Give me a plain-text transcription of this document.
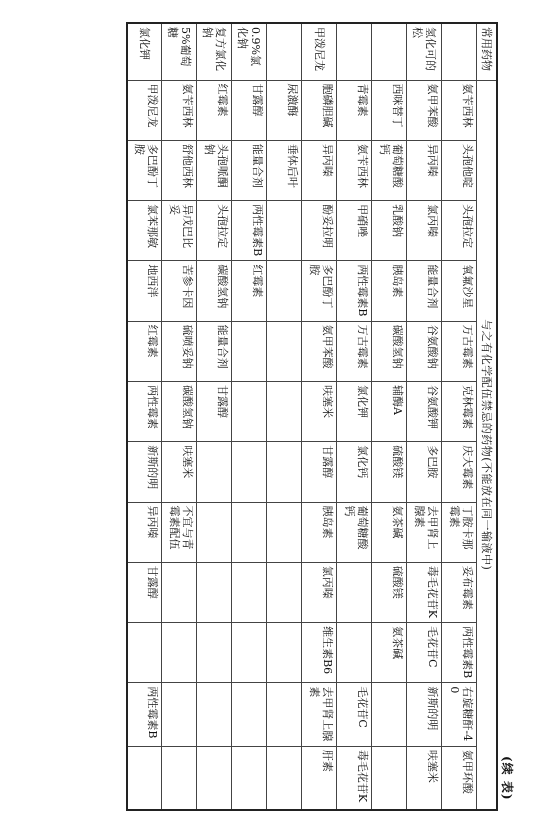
(续 表)
常用药物	与之有化学配伍禁忌的药物(不能放在同一输液中)											
	氨苄西林	头孢他啶	头孢拉定	氧氟沙星	万古霉素	克林霉素	庆大霉素	丁胺卡那霉素	妥布霉素	两性霉素B	右旋糖酐-40	氨甲环酸
氢化可的松	氨甲苯酸	异丙嗪	氯丙嗪	能量合剂	谷氨酸钠	谷氨酸钾	多巴胺	去甲肾上腺素	毒毛花苷K	毛花苷C	新斯的明	呋塞米
	西咪替丁	葡萄糖酸钙	乳酸钠	胰岛素	碳酸氢钠	辅酶A	硫酸镁	氨茶碱	硫酸镁	氨茶碱		
	青霉素	氨苄西林	甲硝唑	两性霉素B	万古霉素	氯化钾	氯化钙	葡萄糖酸钙			毛花苷C	毒毛花苷K
甲泼尼龙	胞磷胆碱	异丙嗪	酚妥拉明	多巴酚丁胺	氨甲苯酸	呋塞米	甘露醇	胰岛素	氯丙嗪	维生素B6	去甲肾上腺素	肝素
	尿激酶	垂体后叶										
0.9%氯化钠	甘露醇	能量合剂	两性霉素B	红霉素								
复方氯化钠	红霉素	头孢哌酮钠	头孢拉定	碳酸氢钠	能量合剂	甘露醇						
5%葡萄糖	氨苄西林	舒他西林	异戊巴比妥	苦参卡因	硫喷妥钠	碳酸氢钠	呋塞米	不宜与青霉素配伍				
氯化钾	甲泼尼龙	多巴酚丁胺	氯苯那敏	地西泮	红霉素	两性霉素	新斯的明	异丙嗪	甘露醇		两性霉素B	
